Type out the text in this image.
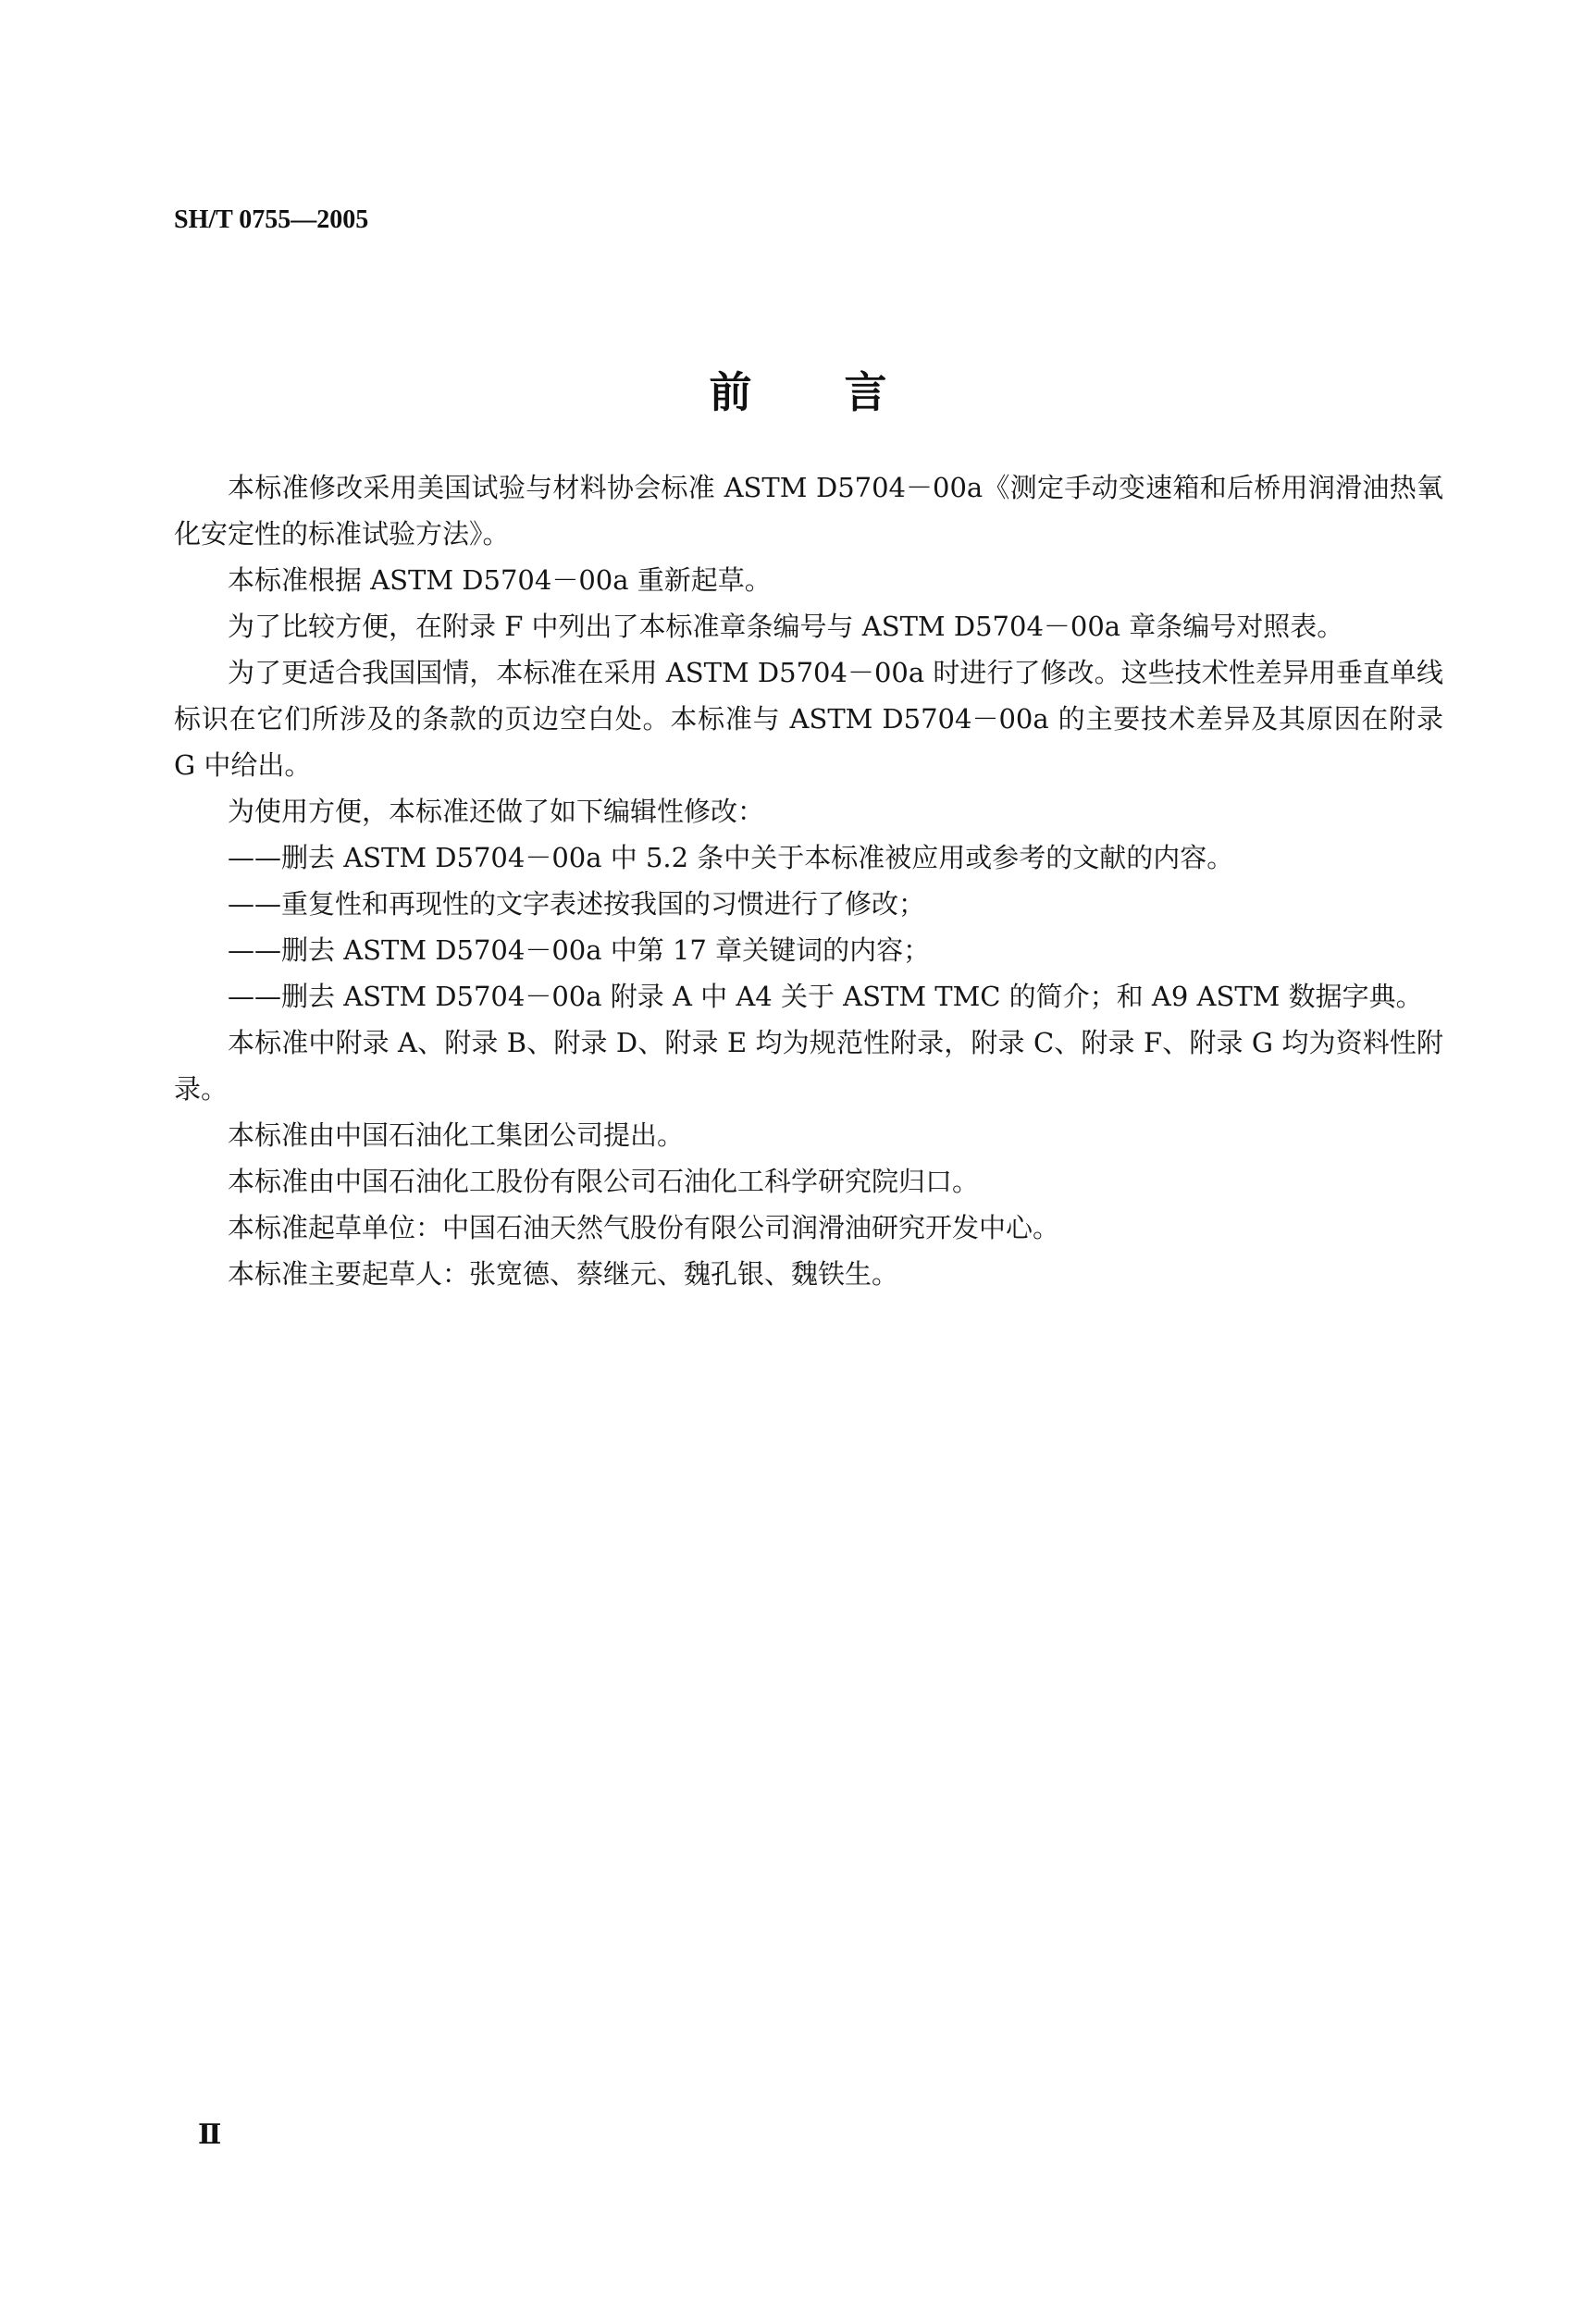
SH/T 0755—2005
前 言

本标准修改采用美国试验与材料协会标准 ASTM D5704－00a《测定手动变速箱和后桥用润滑油热氧化安定性的标准试验方法》。

本标准根据 ASTM D5704－00a 重新起草。

为了比较方便，在附录 F 中列出了本标准章条编号与 ASTM D5704－00a 章条编号对照表。

为了更适合我国国情，本标准在采用 ASTM D5704－00a 时进行了修改。这些技术性差异用垂直单线标识在它们所涉及的条款的页边空白处。本标准与 ASTM D5704－00a 的主要技术差异及其原因在附录 G 中给出。

为使用方便，本标准还做了如下编辑性修改：

——删去 ASTM D5704－00a 中 5.2 条中关于本标准被应用或参考的文献的内容。

——重复性和再现性的文字表述按我国的习惯进行了修改；

——删去 ASTM D5704－00a 中第 17 章关键词的内容；

——删去 ASTM D5704－00a 附录 A 中 A4 关于 ASTM TMC 的简介；和 A9 ASTM 数据字典。

本标准中附录 A、附录 B、附录 D、附录 E 均为规范性附录，附录 C、附录 F、附录 G 均为资料性附录。

本标准由中国石油化工集团公司提出。

本标准由中国石油化工股份有限公司石油化工科学研究院归口。

本标准起草单位：中国石油天然气股份有限公司润滑油研究开发中心。

本标准主要起草人：张宽德、蔡继元、魏孔银、魏铁生。

Ⅱ
